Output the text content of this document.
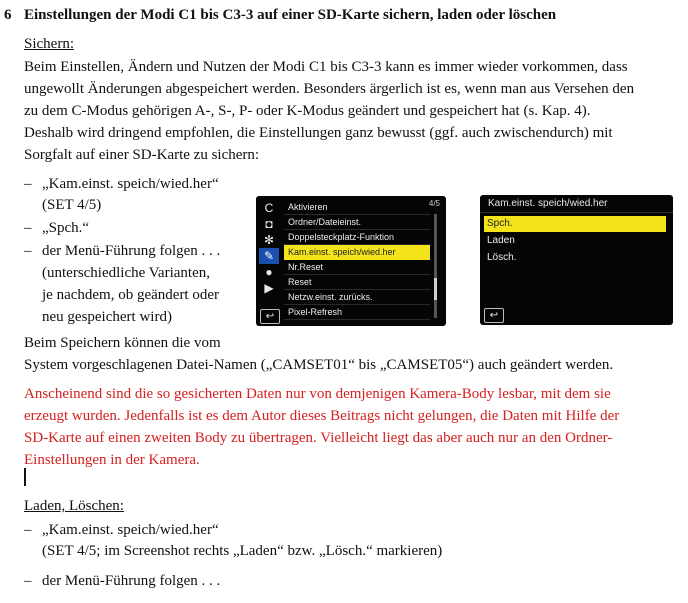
6 Einstellungen der Modi C1 bis C3-3 auf einer SD-Karte sichern, laden oder löschen
Sichern:
Beim Einstellen, Ändern und Nutzen der Modi C1 bis C3-3 kann es immer wieder vorkommen, dass
ungewollt Änderungen abgespeichert werden. Besonders ärgerlich ist es, wenn man aus Versehen den
zu dem C-Modus gehörigen A-, S-, P- oder K-Modus geändert und gespeichert hat (s. Kap. 4).
Deshalb wird dringend empfohlen, die Einstellungen ganz bewusst (ggf. auch zwischendurch) mit
Sorgfalt auf einer SD-Karte zu sichern:
– „Kam.einst. speich/wied.her“
(SET 4/5)
– „Spch.“
– der Menü-Führung folgen . . .
(unterschiedliche Varianten,
je nachdem, ob geändert oder
neu gespeichert wird)
C
◘
✻
✎
●
▶
4/5
Aktivieren
Ordner/Dateieinst.
Doppelsteckplatz-Funktion
Kam.einst. speich/wied.her
Nr.Reset
Reset
Netzw.einst. zurücks.
Pixel-Refresh
↩
Kam.einst. speich/wied.her
Spch.
Laden
Lösch.
↩
Beim Speichern können die vom
System vorgeschlagenen Datei-Namen („CAMSET01“ bis „CAMSET05“) auch geändert werden.
Anscheinend sind die so gesicherten Daten nur von demjenigen Kamera-Body lesbar, mit dem sie
erzeugt wurden. Jedenfalls ist es dem Autor dieses Beitrags nicht gelungen, die Daten mit Hilfe der
SD-Karte auf einen zweiten Body zu übertragen. Vielleicht liegt das aber auch nur an den Ordner-
Einstellungen in der Kamera.
Laden, Löschen:
– „Kam.einst. speich/wied.her“
(SET 4/5; im Screenshot rechts „Laden“ bzw. „Lösch.“ markieren)
– der Menü-Führung folgen . . .
